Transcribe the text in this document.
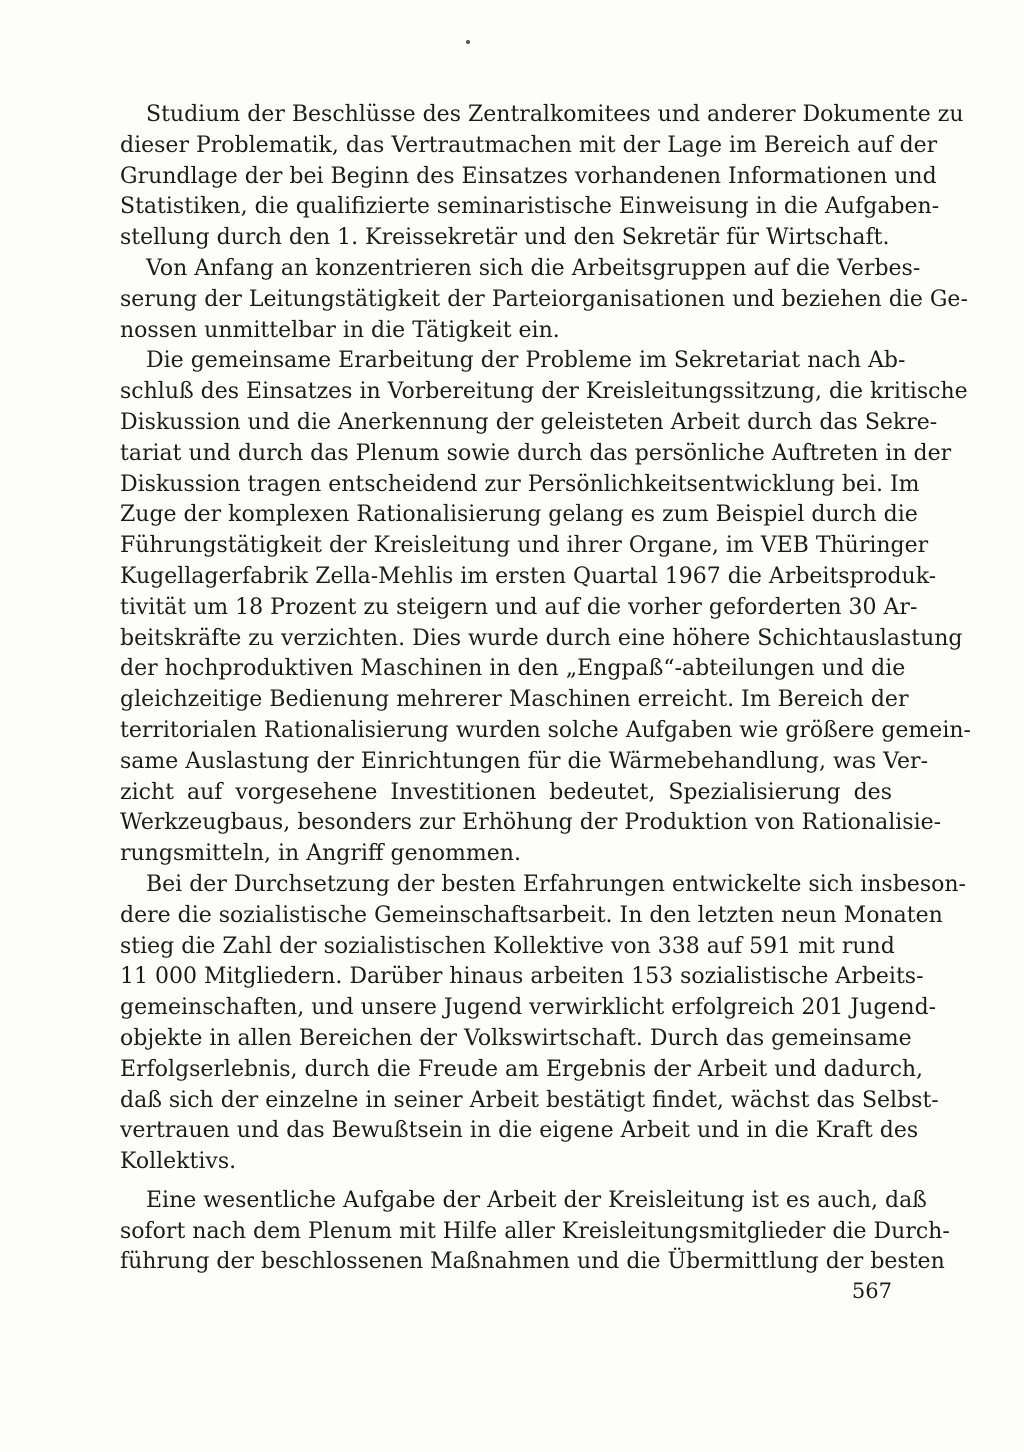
Studium der Beschlüsse des Zentralkomitees und anderer Dokumente zu
dieser Problematik, das Vertrautmachen mit der Lage im Bereich auf der
Grundlage der bei Beginn des Einsatzes vorhandenen Informationen und
Statistiken, die qualifizierte seminaristische Einweisung in die Aufgaben-
stellung durch den 1. Kreissekretär und den Sekretär für Wirtschaft.
Von Anfang an konzentrieren sich die Arbeitsgruppen auf die Verbes-
serung der Leitungstätigkeit der Parteiorganisationen und beziehen die Ge-
nossen unmittelbar in die Tätigkeit ein.
Die gemeinsame Erarbeitung der Probleme im Sekretariat nach Ab-
schluß des Einsatzes in Vorbereitung der Kreisleitungssitzung, die kritische
Diskussion und die Anerkennung der geleisteten Arbeit durch das Sekre-
tariat und durch das Plenum sowie durch das persönliche Auftreten in der
Diskussion tragen entscheidend zur Persönlichkeitsentwicklung bei. Im
Zuge der komplexen Rationalisierung gelang es zum Beispiel durch die
Führungstätigkeit der Kreisleitung und ihrer Organe, im VEB Thüringer
Kugellagerfabrik Zella-Mehlis im ersten Quartal 1967 die Arbeitsproduk-
tivität um 18 Prozent zu steigern und auf die vorher geforderten 30 Ar-
beitskräfte zu verzichten. Dies wurde durch eine höhere Schichtauslastung
der hochproduktiven Maschinen in den „Engpaß“-abteilungen und die
gleichzeitige Bedienung mehrerer Maschinen erreicht. Im Bereich der
territorialen Rationalisierung wurden solche Aufgaben wie größere gemein-
same Auslastung der Einrichtungen für die Wärmebehandlung, was Ver-
zicht auf vorgesehene Investitionen bedeutet, Spezialisierung des
Werkzeugbaus, besonders zur Erhöhung der Produktion von Rationalisie-
rungsmitteln, in Angriff genommen.
Bei der Durchsetzung der besten Erfahrungen entwickelte sich insbeson-
dere die sozialistische Gemeinschaftsarbeit. In den letzten neun Monaten
stieg die Zahl der sozialistischen Kollektive von 338 auf 591 mit rund
11 000 Mitgliedern. Darüber hinaus arbeiten 153 sozialistische Arbeits-
gemeinschaften, und unsere Jugend verwirklicht erfolgreich 201 Jugend-
objekte in allen Bereichen der Volkswirtschaft. Durch das gemeinsame
Erfolgserlebnis, durch die Freude am Ergebnis der Arbeit und dadurch,
daß sich der einzelne in seiner Arbeit bestätigt findet, wächst das Selbst-
vertrauen und das Bewußtsein in die eigene Arbeit und in die Kraft des
Kollektivs.
Eine wesentliche Aufgabe der Arbeit der Kreisleitung ist es auch, daß
sofort nach dem Plenum mit Hilfe aller Kreisleitungsmitglieder die Durch-
führung der beschlossenen Maßnahmen und die Übermittlung der besten
567
